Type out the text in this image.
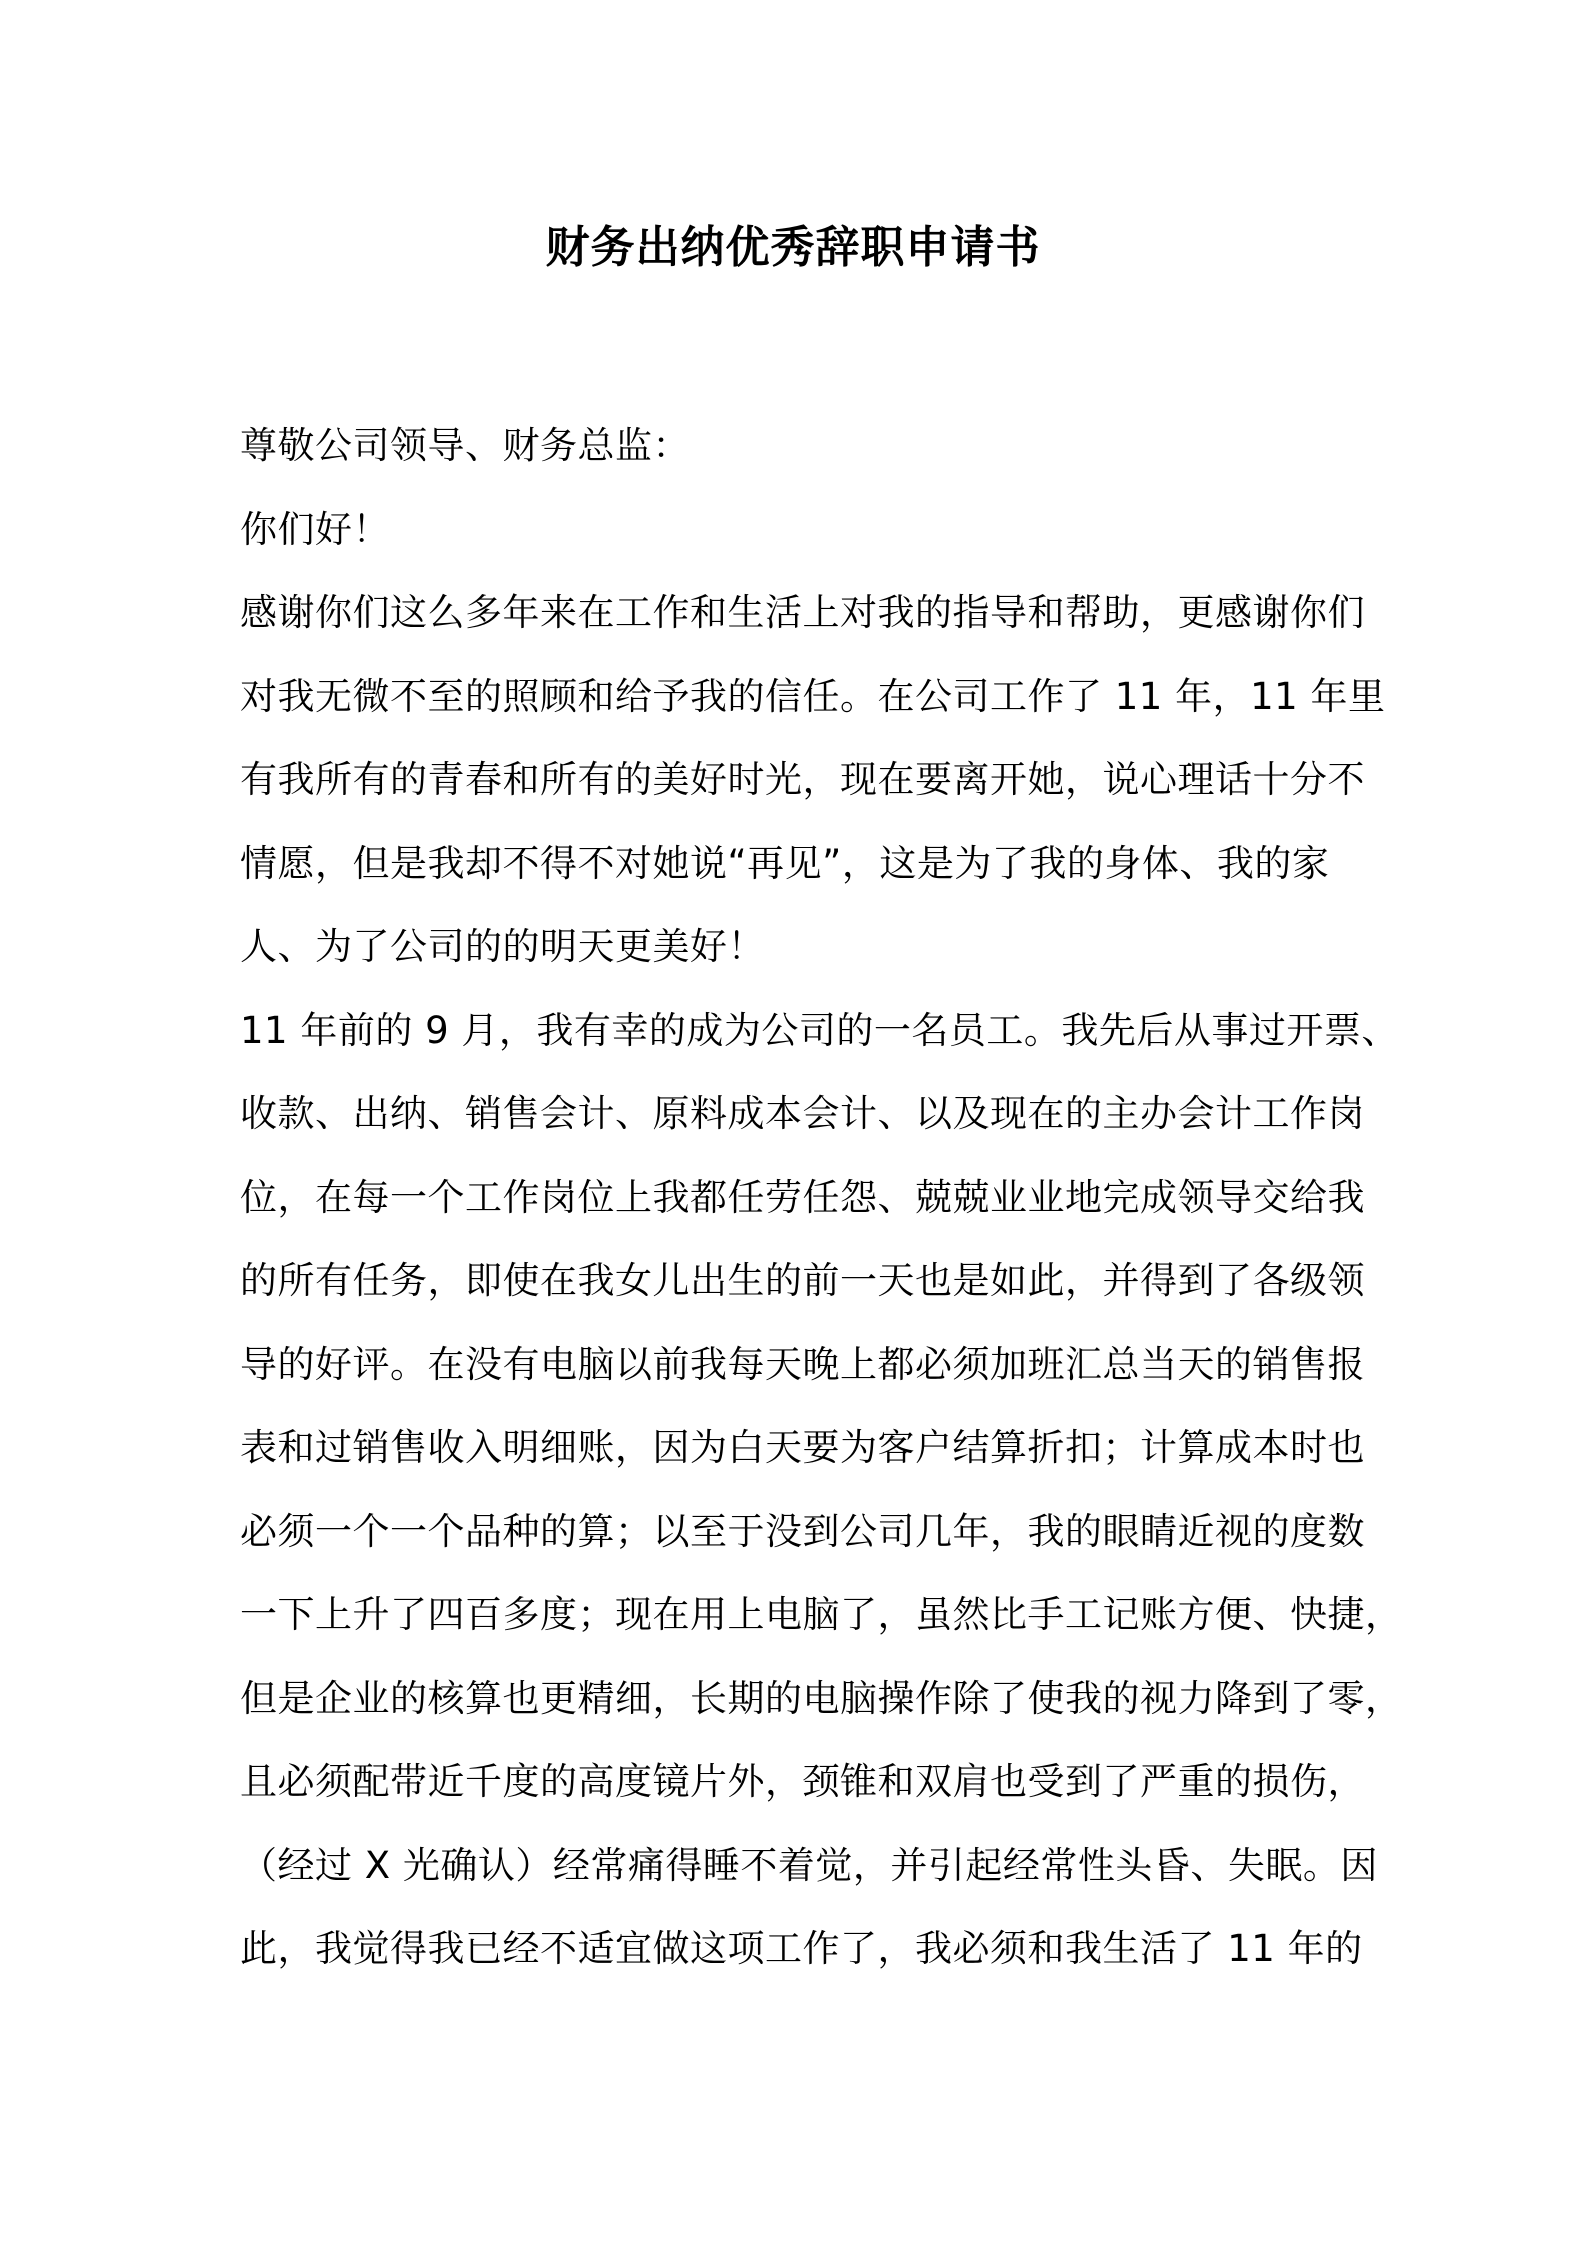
财务出纳优秀辞职申请书

尊敬公司领导、财务总监：

你们好！

感谢你们这么多年来在工作和生活上对我的指导和帮助，更感谢你们

对我无微不至的照顾和给予我的信任。在公司工作了 11 年，11 年里

有我所有的青春和所有的美好时光，现在要离开她，说心理话十分不

情愿，但是我却不得不对她说“再见”，这是为了我的身体、我的家

人、为了公司的的明天更美好！

11 年前的 9 月，我有幸的成为公司的一名员工。我先后从事过开票、

收款、出纳、销售会计、原料成本会计、以及现在的主办会计工作岗

位，在每一个工作岗位上我都任劳任怨、兢兢业业地完成领导交给我

的所有任务，即使在我女儿出生的前一天也是如此，并得到了各级领

导的好评。在没有电脑以前我每天晚上都必须加班汇总当天的销售报

表和过销售收入明细账，因为白天要为客户结算折扣；计算成本时也

必须一个一个品种的算；以至于没到公司几年，我的眼睛近视的度数

一下上升了四百多度；现在用上电脑了，虽然比手工记账方便、快捷，

但是企业的核算也更精细，长期的电脑操作除了使我的视力降到了零，

且必须配带近千度的高度镜片外，颈锥和双肩也受到了严重的损伤，

（经过 X 光确认）经常痛得睡不着觉，并引起经常性头昏、失眠。因

此，我觉得我已经不适宜做这项工作了，我必须和我生活了 11 年的
